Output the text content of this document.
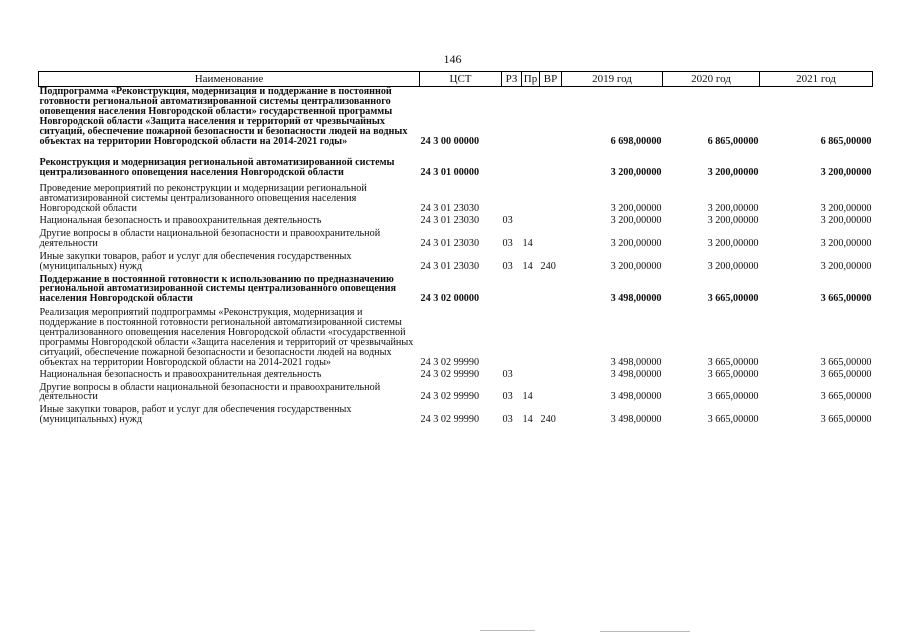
146
Наименование	ЦСТ	РЗ	Пр	ВР	2019 год	2020 год	2021 год
Подпрограмма «Реконструкция, модернизация и поддержание в постоянной готовности региональной автоматизированной системы централизованного оповещения населения Новгородской области» государственной программы Новгородской области «Защита населения и территорий от чрезвычайных ситуаций, обеспечение пожарной безопасности и безопасности людей на водных объектах на территории Новгородской области на 2014-2021 годы»	24 3 00 00000				6 698,00000	6 865,00000	6 865,00000
Реконструкция и модернизация региональной автоматизированной системы централизованного оповещения населения Новгородской области	24 3 01 00000				3 200,00000	3 200,00000	3 200,00000
Проведение мероприятий по реконструкции и модернизации региональной автоматизированной системы централизованного оповещения населения Новгородской области	24 3 01 23030				3 200,00000	3 200,00000	3 200,00000
Национальная безопасность и правоохранительная деятельность	24 3 01 23030	03			3 200,00000	3 200,00000	3 200,00000
Другие вопросы в области национальной безопасности и правоохранительной деятельности	24 3 01 23030	03	14		3 200,00000	3 200,00000	3 200,00000
Иные закупки товаров, работ и услуг для обеспечения государственных (муниципальных) нужд	24 3 01 23030	03	14	240	3 200,00000	3 200,00000	3 200,00000
Поддержание в постоянной готовности к использованию по предназначению региональной автоматизированной системы централизованного оповещения населения Новгородской области	24 3 02 00000				3 498,00000	3 665,00000	3 665,00000
Реализация мероприятий подпрограммы «Реконструкция, модернизация и поддержание в постоянной готовности региональной автоматизированной системы централизованного оповещения населения Новгородской области «государственной программы Новгородской области «Защита населения и территорий от чрезвычайных ситуаций, обеспечение пожарной безопасности и безопасности людей на водных объектах на территории Новгородской области на 2014-2021 годы»	24 3 02 99990				3 498,00000	3 665,00000	3 665,00000
Национальная безопасность и правоохранительная деятельность	24 3 02 99990	03			3 498,00000	3 665,00000	3 665,00000
Другие вопросы в области национальной безопасности и правоохранительной деятельности	24 3 02 99990	03	14		3 498,00000	3 665,00000	3 665,00000
Иные закупки товаров, работ и услуг для обеспечения государственных (муниципальных) нужд	24 3 02 99990	03	14	240	3 498,00000	3 665,00000	3 665,00000
